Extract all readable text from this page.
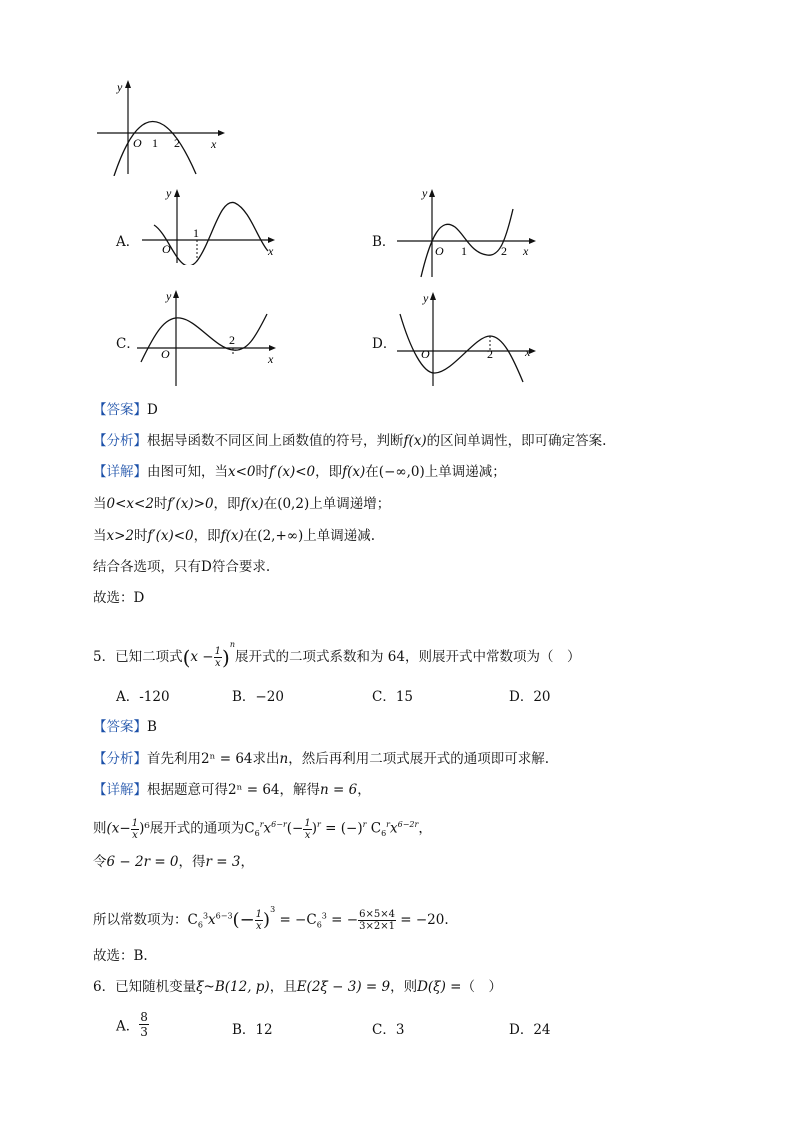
y
x
O 1 2
A．
y
x
O
1
B．
y
x
O 1	2
C．
y
x
O
2	D．
y
x
O	2
【答案】D
【分析】根据导函数不同区间上函数值的符号，判断f(x)的区间单调性，即可确定答案.
【详解】由图可知，当x<0时f′(x)<0，即f(x)在(−∞,0)上单调递减；
当0<x<2时f′(x)>0，即f(x)在(0,2)上单调递增；
当x>2时f′(x)<0，即f(x)在(2,+∞)上单调递减.
结合各选项，只有D符合要求.
故选：D
5．已知二项式$(x - \frac{1}{x} )^n$展开式的二项式系数和为 64，则展开式中常数项为（　）
A．-120	B．−20	C．15	D．20
【答案】B
【分析】首先利用2ⁿ = 64求出n，然后再利用二项式展开式的通项即可求解.
【详解】根据题意可得2ⁿ = 64，解得n = 6，
则$(x- \frac{1}{x} )^6$展开式的通项为$C_6^rx^{6-r}(- \frac{1}{x} )^r = (-)^r$ $C_6^rx^{6-2r}$，
令6 − 2r = 0，得r = 3，
所以常数项为：$C_6^3x^{6-3}(- \frac{1}{x} )^3 = -C_6^3$ = − $\frac{6\times 5\times 4}{3\times 2\times 1} = -20$.
故选：B.
6．已知随机变量ξ~B(12, p)，且E(2ξ − 3) = 9，则D(ξ) =（　）
A． $\frac{8}{3}$	B．12	C．3	D．24
